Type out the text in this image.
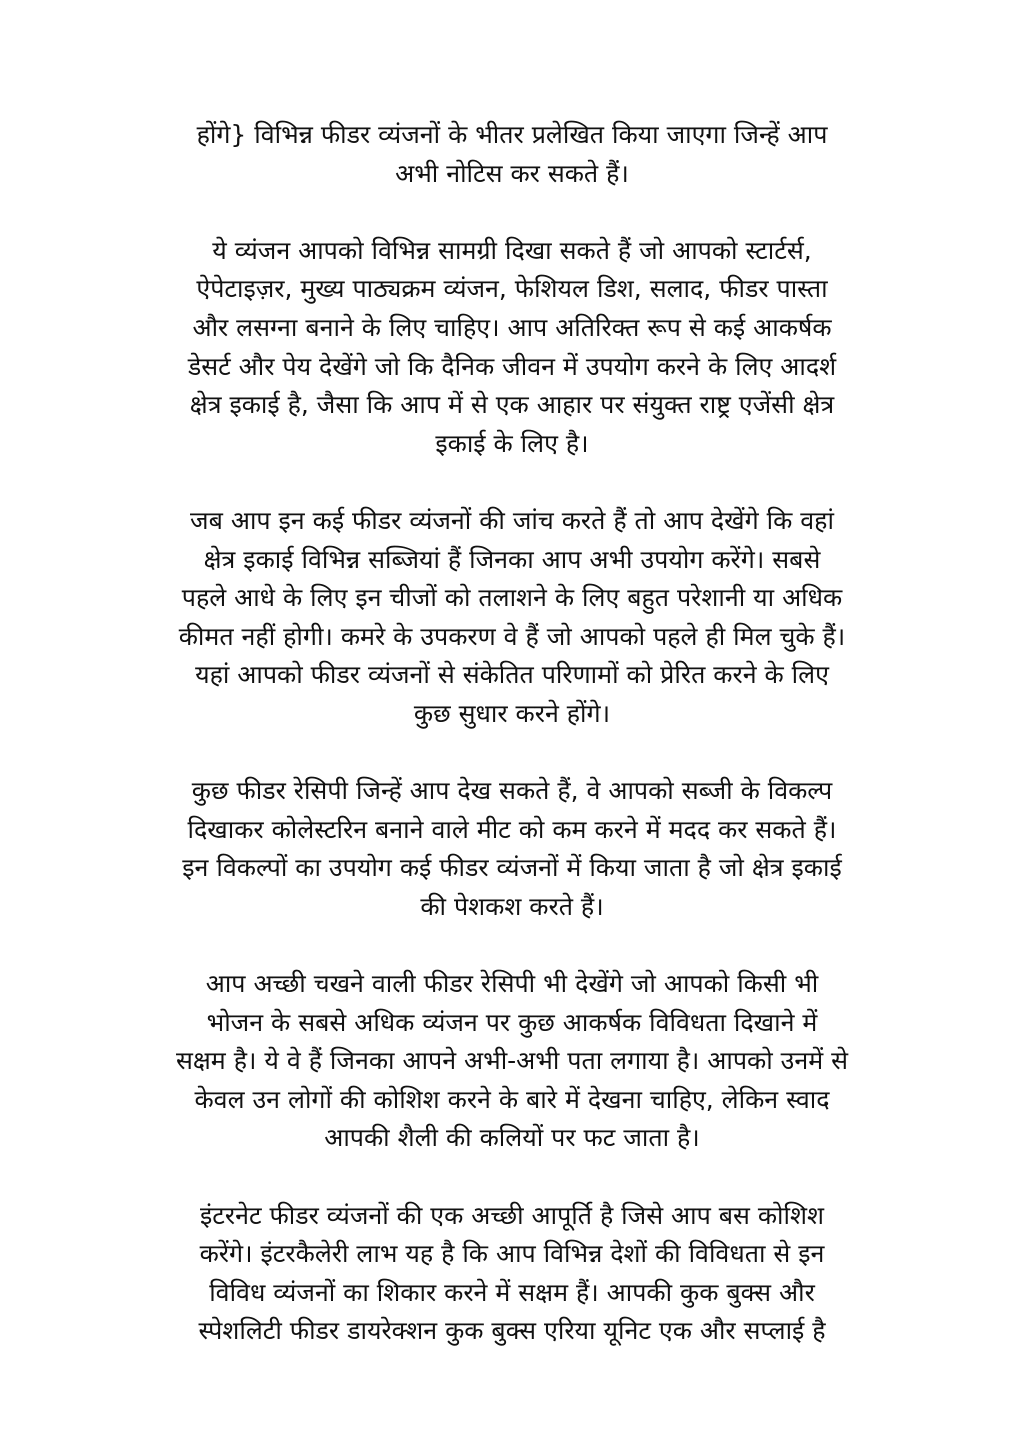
होंगे} विभिन्न फीडर व्यंजनों के भीतर प्रलेखित किया जाएगा जिन्हें आप
अभी नोटिस कर सकते हैं।

ये व्यंजन आपको विभिन्न सामग्री दिखा सकते हैं जो आपको स्टार्टर्स,
ऐपेटाइज़र, मुख्य पाठ्यक्रम व्यंजन, फेशियल डिश, सलाद, फीडर पास्ता
और लसग्ना बनाने के लिए चाहिए। आप अतिरिक्त रूप से कई आकर्षक
डेसर्ट और पेय देखेंगे जो कि दैनिक जीवन में उपयोग करने के लिए आदर्श
क्षेत्र इकाई है, जैसा कि आप में से एक आहार पर संयुक्त राष्ट्र एजेंसी क्षेत्र
इकाई के लिए है।

जब आप इन कई फीडर व्यंजनों की जांच करते हैं तो आप देखेंगे कि वहां
क्षेत्र इकाई विभिन्न सब्जियां हैं जिनका आप अभी उपयोग करेंगे। सबसे
पहले आधे के लिए इन चीजों को तलाशने के लिए बहुत परेशानी या अधिक
कीमत नहीं होगी। कमरे के उपकरण वे हैं जो आपको पहले ही मिल चुके हैं।
यहां आपको फीडर व्यंजनों से संकेतित परिणामों को प्रेरित करने के लिए
कुछ सुधार करने होंगे।

कुछ फीडर रेसिपी जिन्हें आप देख सकते हैं, वे आपको सब्जी के विकल्प
दिखाकर कोलेस्टरिन बनाने वाले मीट को कम करने में मदद कर सकते हैं।
इन विकल्पों का उपयोग कई फीडर व्यंजनों में किया जाता है जो क्षेत्र इकाई
की पेशकश करते हैं।

आप अच्छी चखने वाली फीडर रेसिपी भी देखेंगे जो आपको किसी भी
भोजन के सबसे अधिक व्यंजन पर कुछ आकर्षक विविधता दिखाने में
सक्षम है। ये वे हैं जिनका आपने अभी-अभी पता लगाया है। आपको उनमें से
केवल उन लोगों की कोशिश करने के बारे में देखना चाहिए, लेकिन स्वाद
आपकी शैली की कलियों पर फट जाता है।

इंटरनेट फीडर व्यंजनों की एक अच्छी आपूर्ति है जिसे आप बस कोशिश
करेंगे। इंटरकैलेरी लाभ यह है कि आप विभिन्न देशों की विविधता से इन
विविध व्यंजनों का शिकार करने में सक्षम हैं। आपकी कुक बुक्स और
स्पेशलिटी फीडर डायरेक्शन कुक बुक्स एरिया यूनिट एक और सप्लाई है
